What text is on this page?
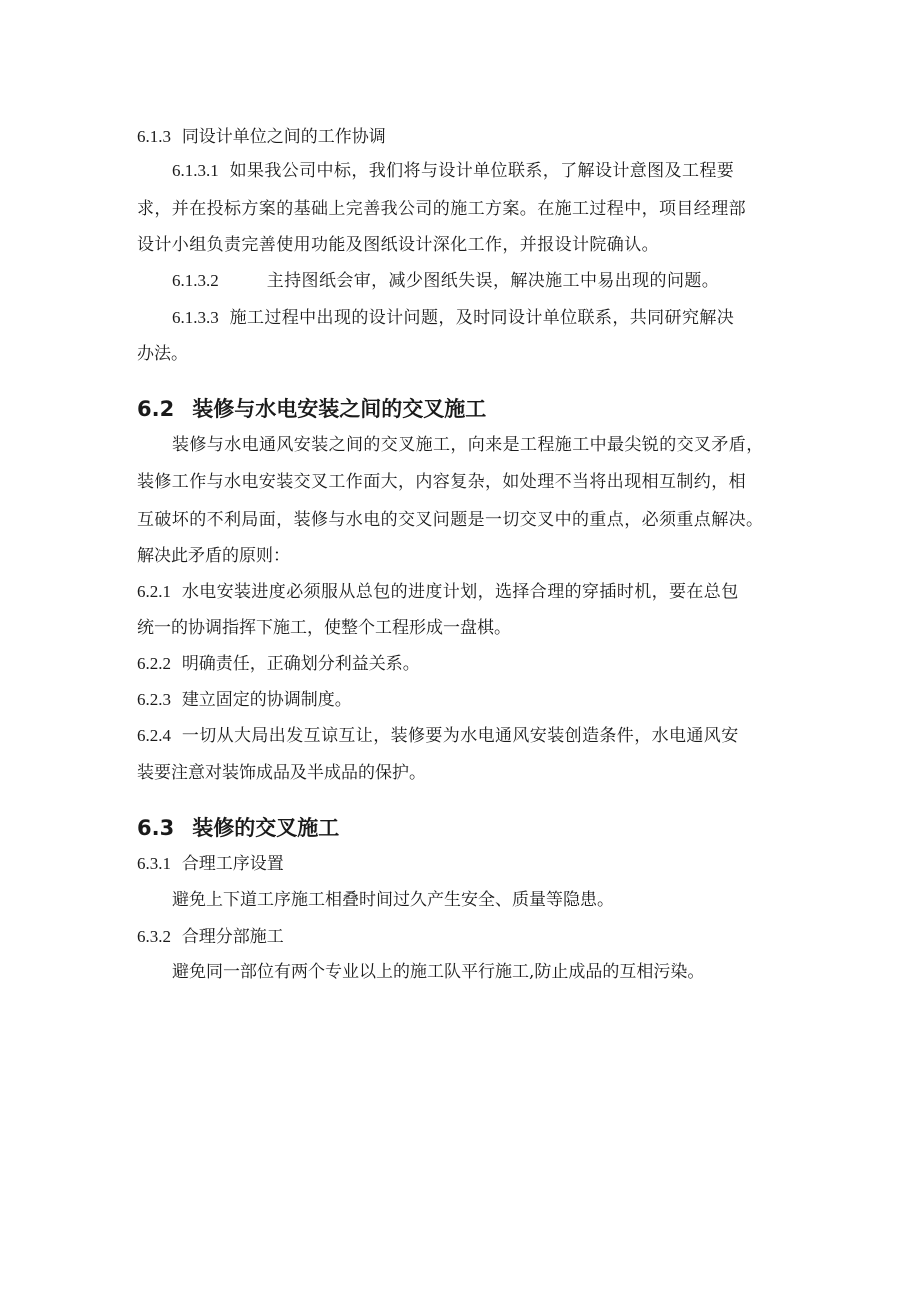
6.1.3 同设计单位之间的工作协调
6.1.3.1 如果我公司中标，我们将与设计单位联系，了解设计意图及工程要
求，并在投标方案的基础上完善我公司的施工方案。在施工过程中，项目经理部
设计小组负责完善使用功能及图纸设计深化工作，并报设计院确认。
6.1.3.2	主持图纸会审，减少图纸失误，解决施工中易出现的问题。
6.1.3.3 施工过程中出现的设计问题，及时同设计单位联系，共同研究解决
办法。
6.2 装修与水电安装之间的交叉施工
装修与水电通风安装之间的交叉施工，向来是工程施工中最尖锐的交叉矛盾，
装修工作与水电安装交叉工作面大，内容复杂，如处理不当将出现相互制约，相
互破坏的不利局面，装修与水电的交叉问题是一切交叉中的重点，必须重点解决。
解决此矛盾的原则：
6.2.1 水电安装进度必须服从总包的进度计划，选择合理的穿插时机，要在总包
统一的协调指挥下施工，使整个工程形成一盘棋。
6.2.2 明确责任，正确划分利益关系。
6.2.3 建立固定的协调制度。
6.2.4 一切从大局出发互谅互让，装修要为水电通风安装创造条件，水电通风安
装要注意对装饰成品及半成品的保护。
6.3 装修的交叉施工
6.3.1 合理工序设置
避免上下道工序施工相叠时间过久产生安全、质量等隐患。
6.3.2 合理分部施工
避免同一部位有两个专业以上的施工队平行施工,防止成品的互相污染。
